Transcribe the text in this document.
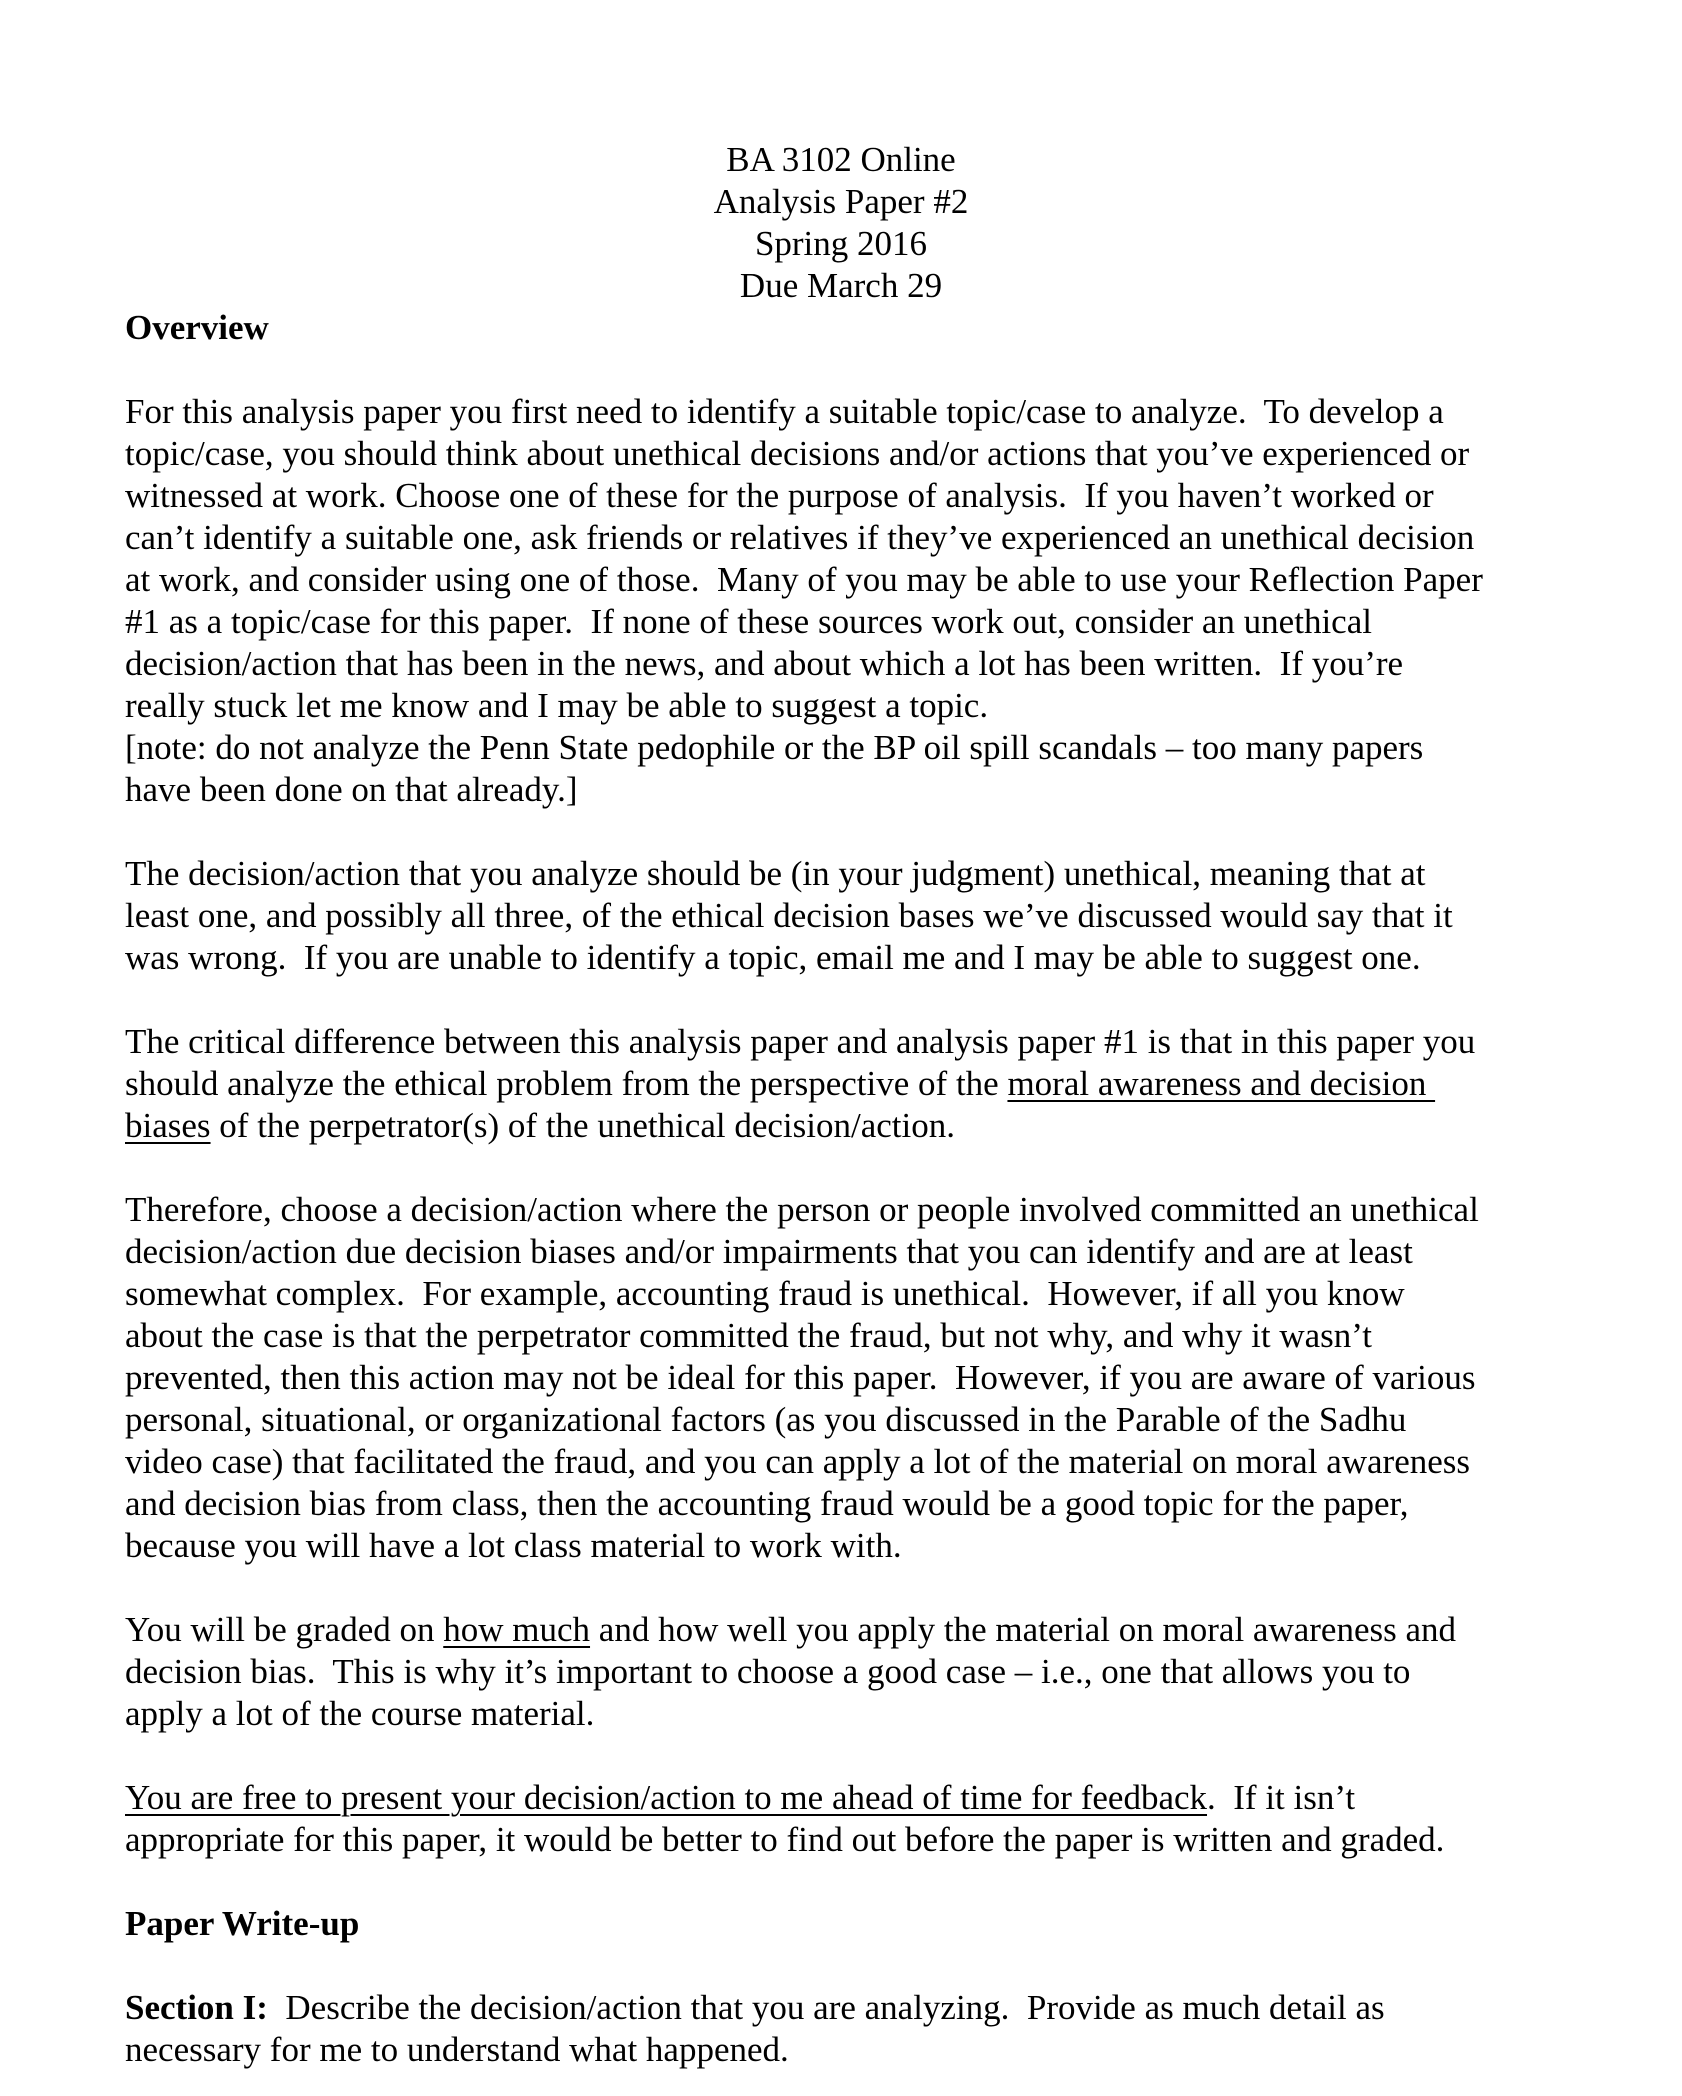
BA 3102 Online
Analysis Paper #2
Spring 2016
Due March 29
Overview
For this analysis paper you first need to identify a suitable topic/case to analyze.  To develop a
topic/case, you should think about unethical decisions and/or actions that you’ve experienced or
witnessed at work. Choose one of these for the purpose of analysis.  If you haven’t worked or
can’t identify a suitable one, ask friends or relatives if they’ve experienced an unethical decision
at work, and consider using one of those.  Many of you may be able to use your Reflection Paper
#1 as a topic/case for this paper.  If none of these sources work out, consider an unethical
decision/action that has been in the news, and about which a lot has been written.  If you’re
really stuck let me know and I may be able to suggest a topic.
[note: do not analyze the Penn State pedophile or the BP oil spill scandals – too many papers
have been done on that already.]
The decision/action that you analyze should be (in your judgment) unethical, meaning that at
least one, and possibly all three, of the ethical decision bases we’ve discussed would say that it
was wrong.  If you are unable to identify a topic, email me and I may be able to suggest one.
The critical difference between this analysis paper and analysis paper #1 is that in this paper you
should analyze the ethical problem from the perspective of the moral awareness and decision
biases of the perpetrator(s) of the unethical decision/action.
Therefore, choose a decision/action where the person or people involved committed an unethical
decision/action due decision biases and/or impairments that you can identify and are at least
somewhat complex.  For example, accounting fraud is unethical.  However, if all you know
about the case is that the perpetrator committed the fraud, but not why, and why it wasn’t
prevented, then this action may not be ideal for this paper.  However, if you are aware of various
personal, situational, or organizational factors (as you discussed in the Parable of the Sadhu
video case) that facilitated the fraud, and you can apply a lot of the material on moral awareness
and decision bias from class, then the accounting fraud would be a good topic for the paper,
because you will have a lot class material to work with.
You will be graded on how much and how well you apply the material on moral awareness and
decision bias.  This is why it’s important to choose a good case – i.e., one that allows you to
apply a lot of the course material.
You are free to present your decision/action to me ahead of time for feedback.  If it isn’t
appropriate for this paper, it would be better to find out before the paper is written and graded.
Paper Write-up
Section I:  Describe the decision/action that you are analyzing.  Provide as much detail as
necessary for me to understand what happened.
